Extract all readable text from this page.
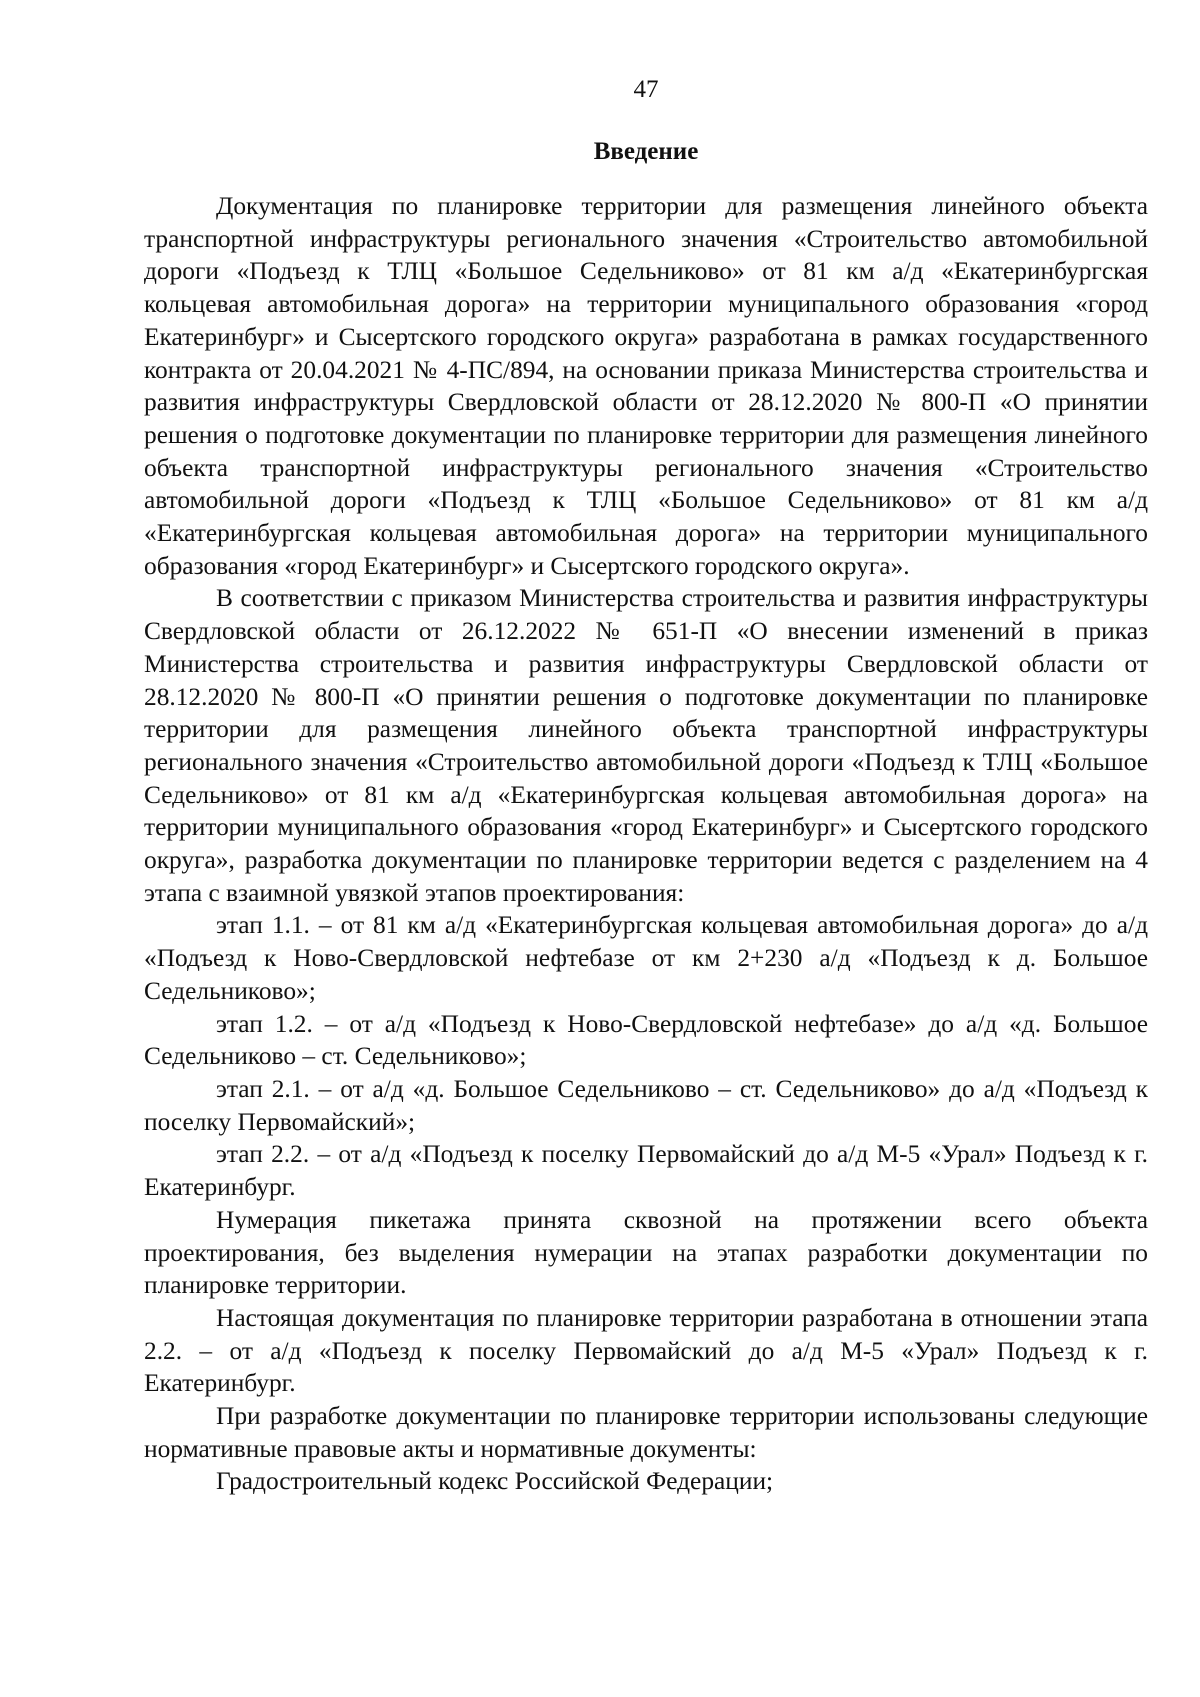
47
Введение

Документация по планировке территории для размещения линейного объекта транспортной инфраструктуры регионального значения «Строительство автомобильной дороги «Подъезд к ТЛЦ «Большое Седельниково» от 81 км а/д «Екатеринбургская кольцевая автомобильная дорога» на территории муниципального образования «город Екатеринбург» и Сысертского городского округа» разработана в рамках государственного контракта от 20.04.2021 № 4-ПС/894, на основании приказа Министерства строительства и развития инфраструктуры Свердловской области от 28.12.2020 № 800-П «О принятии решения о подготовке документации по планировке территории для размещения линейного объекта транспортной инфраструктуры регионального значения «Строительство автомобильной дороги «Подъезд к ТЛЦ «Большое Седельниково» от 81 км а/д «Екатеринбургская кольцевая автомобильная дорога» на территории муниципального образования «город Екатеринбург» и Сысертского городского округа».

В соответствии с приказом Министерства строительства и развития инфраструктуры Свердловской области от 26.12.2022 № 651-П «О внесении изменений в приказ Министерства строительства и развития инфраструктуры Свердловской области от 28.12.2020 № 800-П «О принятии решения о подготовке документации по планировке территории для размещения линейного объекта транспортной инфраструктуры регионального значения «Строительство автомобильной дороги «Подъезд к ТЛЦ «Большое Седельниково» от 81 км а/д «Екатеринбургская кольцевая автомобильная дорога» на территории муниципального образования «город Екатеринбург» и Сысертского городского округа», разработка документации по планировке территории ведется с разделением на 4 этапа с взаимной увязкой этапов проектирования:

этап 1.1. – от 81 км а/д «Екатеринбургская кольцевая автомобильная дорога» до а/д «Подъезд к Ново-Свердловской нефтебазе от км 2+230 а/д «Подъезд к д. Большое Седельниково»;

этап 1.2. – от а/д «Подъезд к Ново-Свердловской нефтебазе» до а/д «д. Большое Седельниково – ст. Седельниково»;

этап 2.1. – от а/д «д. Большое Седельниково – ст. Седельниково» до а/д «Подъезд к поселку Первомайский»;

этап 2.2. – от а/д «Подъезд к поселку Первомайский до а/д М-5 «Урал» Подъезд к г. Екатеринбург.

Нумерация пикетажа принята сквозной на протяжении всего объекта проектирования, без выделения нумерации на этапах разработки документации по планировке территории.

Настоящая документация по планировке территории разработана в отношении этапа 2.2. – от а/д «Подъезд к поселку Первомайский до а/д М-5 «Урал» Подъезд к г. Екатеринбург.

При разработке документации по планировке территории использованы следующие нормативные правовые акты и нормативные документы:

Градостроительный кодекс Российской Федерации;
